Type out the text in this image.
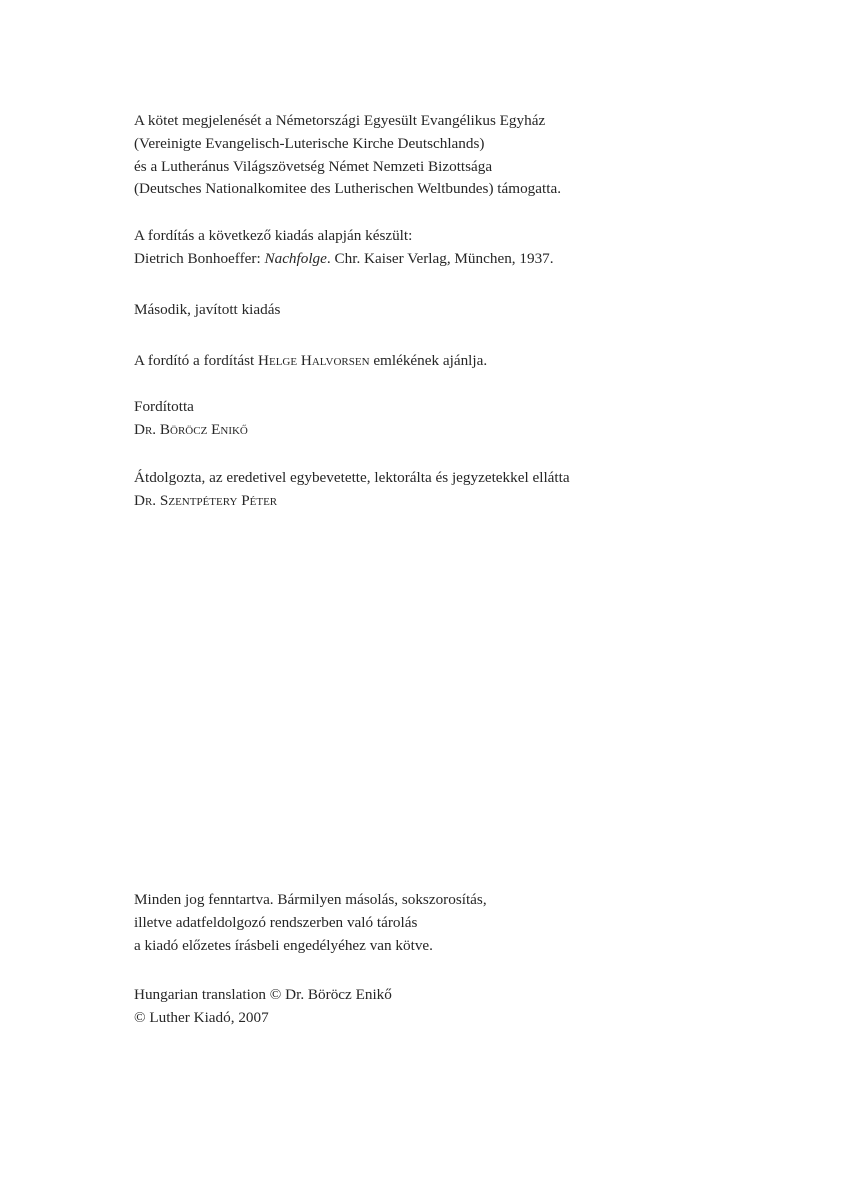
A kötet megjelenését a Németországi Egyesült Evangélikus Egyház

(Vereinigte Evangelisch-Luterische Kirche Deutschlands)

és a Lutheránus Világszövetség Német Nemzeti Bizottsága

(Deutsches Nationalkomitee des Lutherischen Weltbundes) támogatta.

A fordítás a következő kiadás alapján készült:

Dietrich Bonhoeffer: Nachfolge. Chr. Kaiser Verlag, München, 1937.

Második, javított kiadás

A fordító a fordítást Helge Halvorsen emlékének ajánlja.

Fordította

Dr. Böröcz Enikő

Átdolgozta, az eredetivel egybevetette, lektorálta és jegyzetekkel ellátta

Dr. Szentpétery Péter

Minden jog fenntartva. Bármilyen másolás, sokszorosítás,

illetve adatfeldolgozó rendszerben való tárolás

a kiadó előzetes írásbeli engedélyéhez van kötve.

Hungarian translation © Dr. Böröcz Enikő

© Luther Kiadó, 2007
